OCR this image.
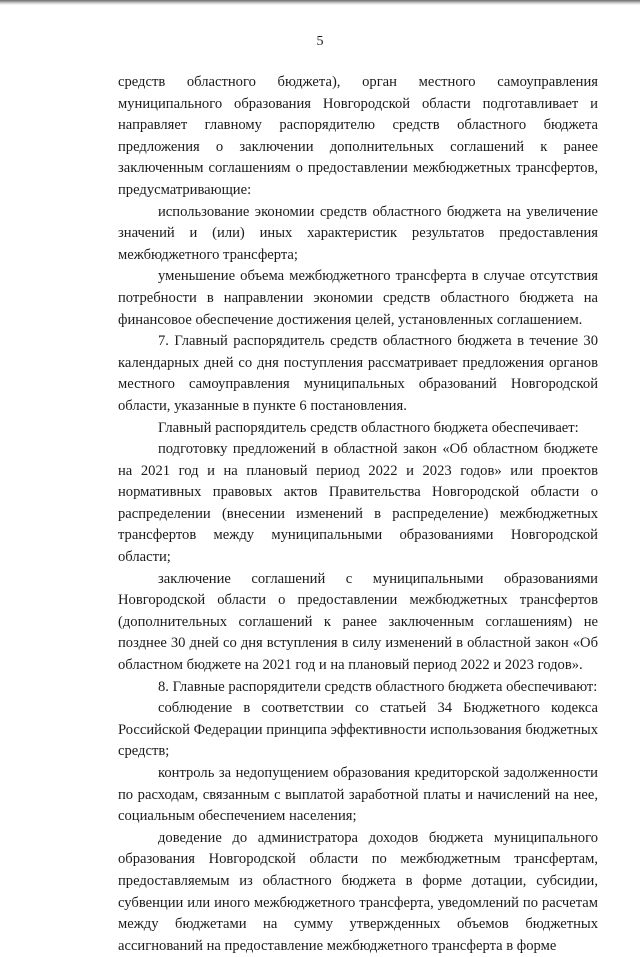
5

средств областного бюджета), орган местного самоуправления муниципального образования Новгородской области подготавливает и направляет главному распорядителю средств областного бюджета предложения о заключении дополнительных соглашений к ранее заключенным соглашениям о предоставлении межбюджетных трансфертов, предусматривающие:

использование экономии средств областного бюджета на увеличение значений и (или) иных характеристик результатов предоставления межбюджетного трансферта;

уменьшение объема межбюджетного трансферта в случае отсутствия потребности в направлении экономии средств областного бюджета на финансовое обеспечение достижения целей, установленных соглашением.

7. Главный распорядитель средств областного бюджета в течение 30 календарных дней со дня поступления рассматривает предложения органов местного самоуправления муниципальных образований Новгородской области, указанные в пункте 6 постановления.

Главный распорядитель средств областного бюджета обеспечивает:

подготовку предложений в областной закон «Об областном бюджете на 2021 год и на плановый период 2022 и 2023 годов» или проектов нормативных правовых актов Правительства Новгородской области о распределении (внесении изменений в распределение) межбюджетных трансфертов между муниципальными образованиями Новгородской области;

заключение соглашений с муниципальными образованиями Новгородской области о предоставлении межбюджетных трансфертов (дополнительных соглашений к ранее заключенным соглашениям) не позднее 30 дней со дня вступления в силу изменений в областной закон «Об областном бюджете на 2021 год и на плановый период 2022 и 2023 годов».

8. Главные распорядители средств областного бюджета обеспечивают:

соблюдение в соответствии со статьей 34 Бюджетного кодекса Российской Федерации принципа эффективности использования бюджетных средств;

контроль за недопущением образования кредиторской задолженности по расходам, связанным с выплатой заработной платы и начислений на нее, социальным обеспечением населения;

доведение до администратора доходов бюджета муниципального образования Новгородской области по межбюджетным трансфертам, предоставляемым из областного бюджета в форме дотации, субсидии, субвенции или иного межбюджетного трансферта, уведомлений по расчетам между бюджетами на сумму утвержденных объемов бюджетных ассигнований на предоставление межбюджетного трансферта в форме
